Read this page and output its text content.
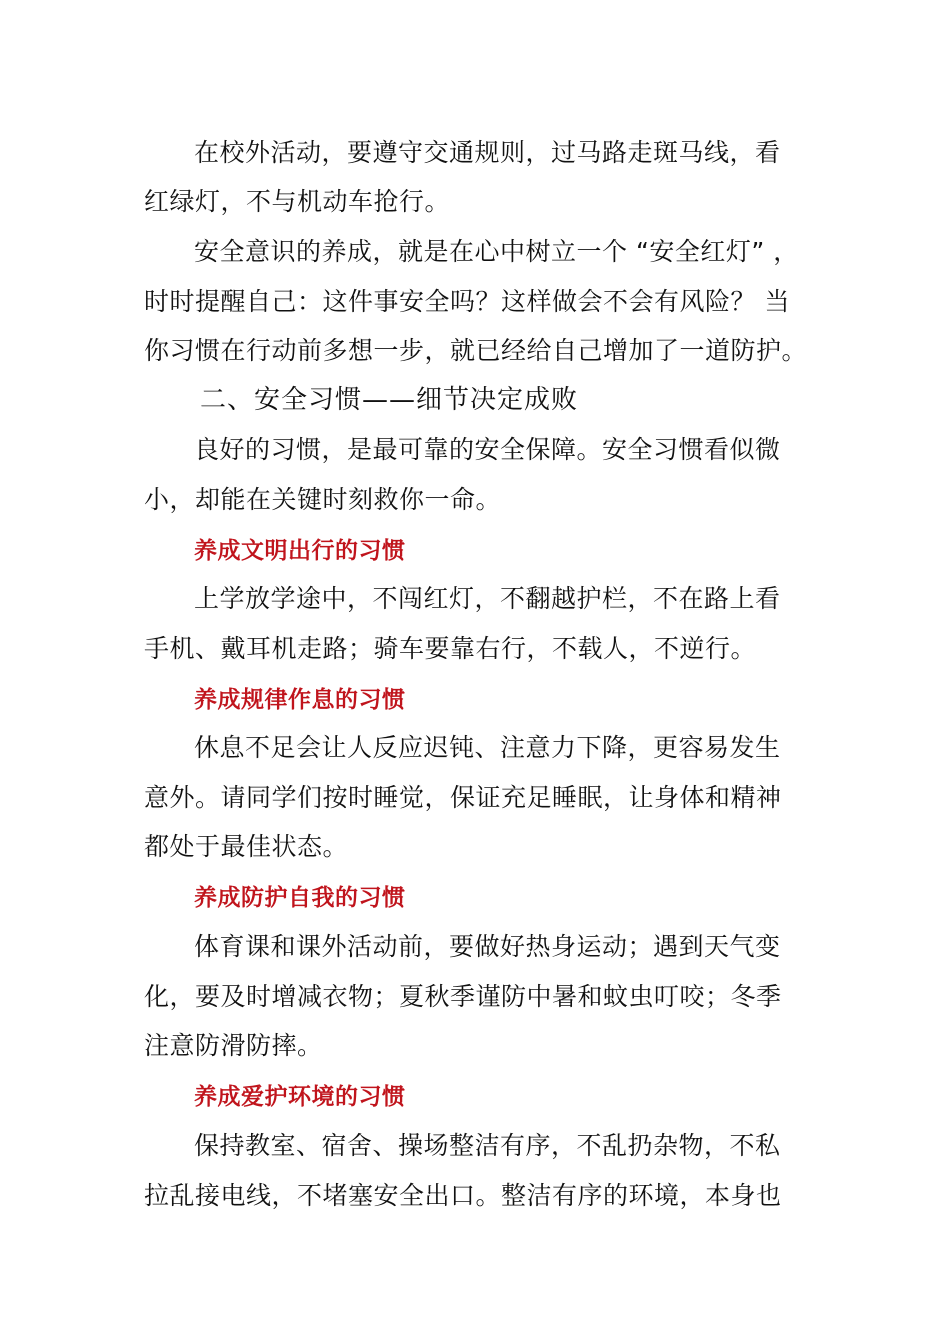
在校外活动，要遵守交通规则，过马路走斑马线，看
红绿灯，不与机动车抢行。
安全意识的养成，就是在心中树立一个 “安全红灯” ，
时时提醒自己：这件事安全吗？这样做会不会有风险？ 当
你习惯在行动前多想一步，就已经给自己增加了一道防护。
二、安全习惯——细节决定成败
良好的习惯，是最可靠的安全保障。安全习惯看似微
小，却能在关键时刻救你一命。
养成文明出行的习惯
上学放学途中，不闯红灯，不翻越护栏，不在路上看
手机、戴耳机走路；骑车要靠右行，不载人，不逆行。
养成规律作息的习惯
休息不足会让人反应迟钝、注意力下降，更容易发生
意外。请同学们按时睡觉，保证充足睡眠，让身体和精神
都处于最佳状态。
养成防护自我的习惯
体育课和课外活动前，要做好热身运动；遇到天气变
化，要及时增减衣物；夏秋季谨防中暑和蚊虫叮咬；冬季
注意防滑防摔。
养成爱护环境的习惯
保持教室、宿舍、操场整洁有序，不乱扔杂物，不私
拉乱接电线，不堵塞安全出口。整洁有序的环境，本身也
